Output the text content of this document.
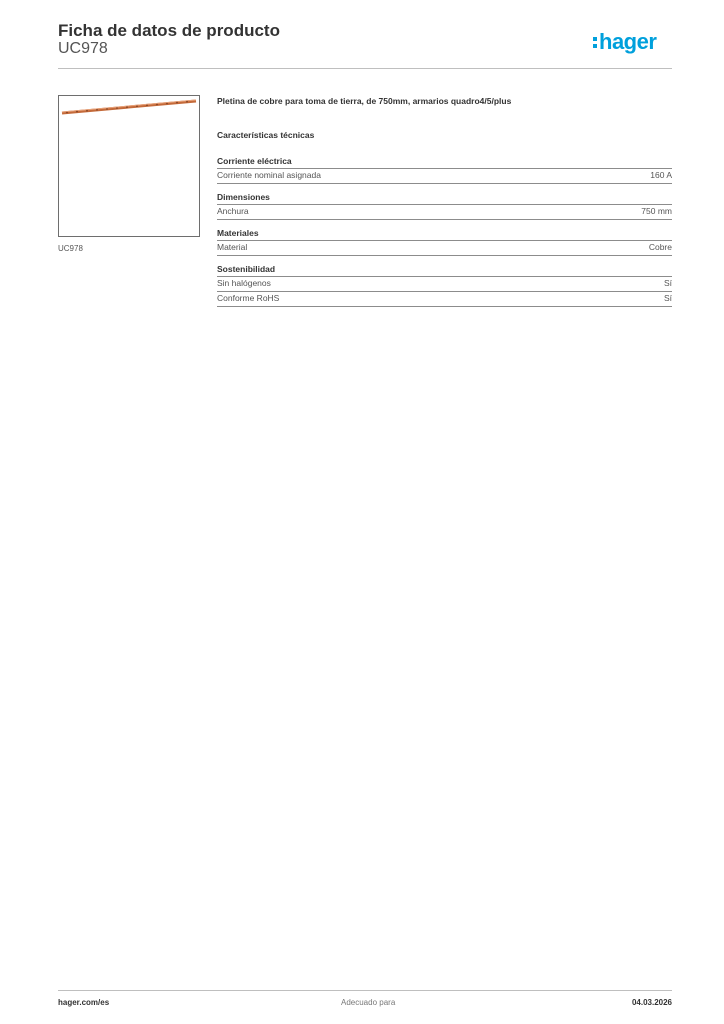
Ficha de datos de producto
UC978	hager
UC978
Pletina de cobre para toma de tierra, de 750mm, armarios quadro4/5/plus
Características técnicas
Corriente eléctrica
Corriente nominal asignada	160 A
Dimensiones
Anchura	750 mm
Materiales
Material	Cobre
Sostenibilidad
Sin halógenos	Sí
Conforme RoHS	Sí
hager.com/es	Adecuado para	04.03.2026
